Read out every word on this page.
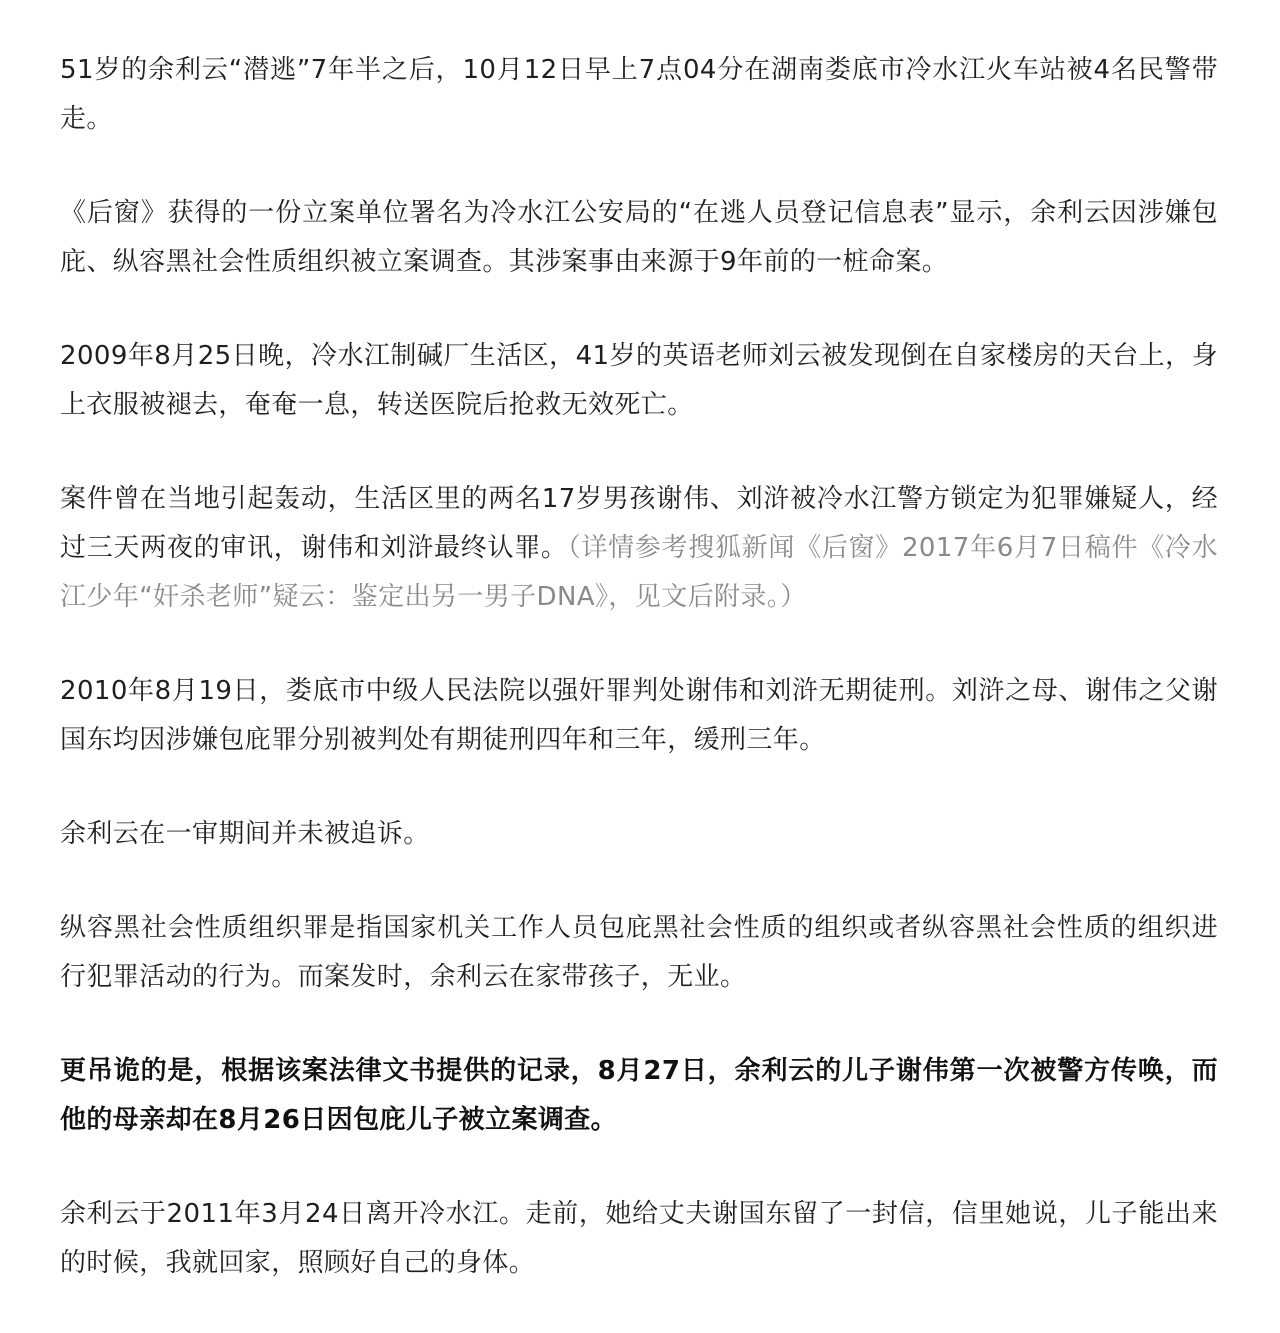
51岁的余利云“潜逃”7年半之后，10月12日早上7点04分在湖南娄底市冷水江火车站被4名民警带走。

《后窗》获得的一份立案单位署名为冷水江公安局的“在逃人员登记信息表”显示，余利云因涉嫌包庇、纵容黑社会性质组织被立案调查。其涉案事由来源于9年前的一桩命案。

2009年8月25日晚，冷水江制碱厂生活区，41岁的英语老师刘云被发现倒在自家楼房的天台上，身上衣服被褪去，奄奄一息，转送医院后抢救无效死亡。

案件曾在当地引起轰动，生活区里的两名17岁男孩谢伟、刘浒被冷水江警方锁定为犯罪嫌疑人，经过三天两夜的审讯，谢伟和刘浒最终认罪。（详情参考搜狐新闻《后窗》2017年6月7日稿件《冷水江少年“奸杀老师”疑云：鉴定出另一男子DNA》，见文后附录。）

2010年8月19日，娄底市中级人民法院以强奸罪判处谢伟和刘浒无期徒刑。刘浒之母、谢伟之父谢国东均因涉嫌包庇罪分别被判处有期徒刑四年和三年，缓刑三年。

余利云在一审期间并未被追诉。

纵容黑社会性质组织罪是指国家机关工作人员包庇黑社会性质的组织或者纵容黑社会性质的组织进行犯罪活动的行为。而案发时，余利云在家带孩子，无业。

更吊诡的是，根据该案法律文书提供的记录，8月27日，余利云的儿子谢伟第一次被警方传唤，而他的母亲却在8月26日因包庇儿子被立案调查。

余利云于2011年3月24日离开冷水江。走前，她给丈夫谢国东留了一封信，信里她说，儿子能出来的时候，我就回家，照顾好自己的身体。
